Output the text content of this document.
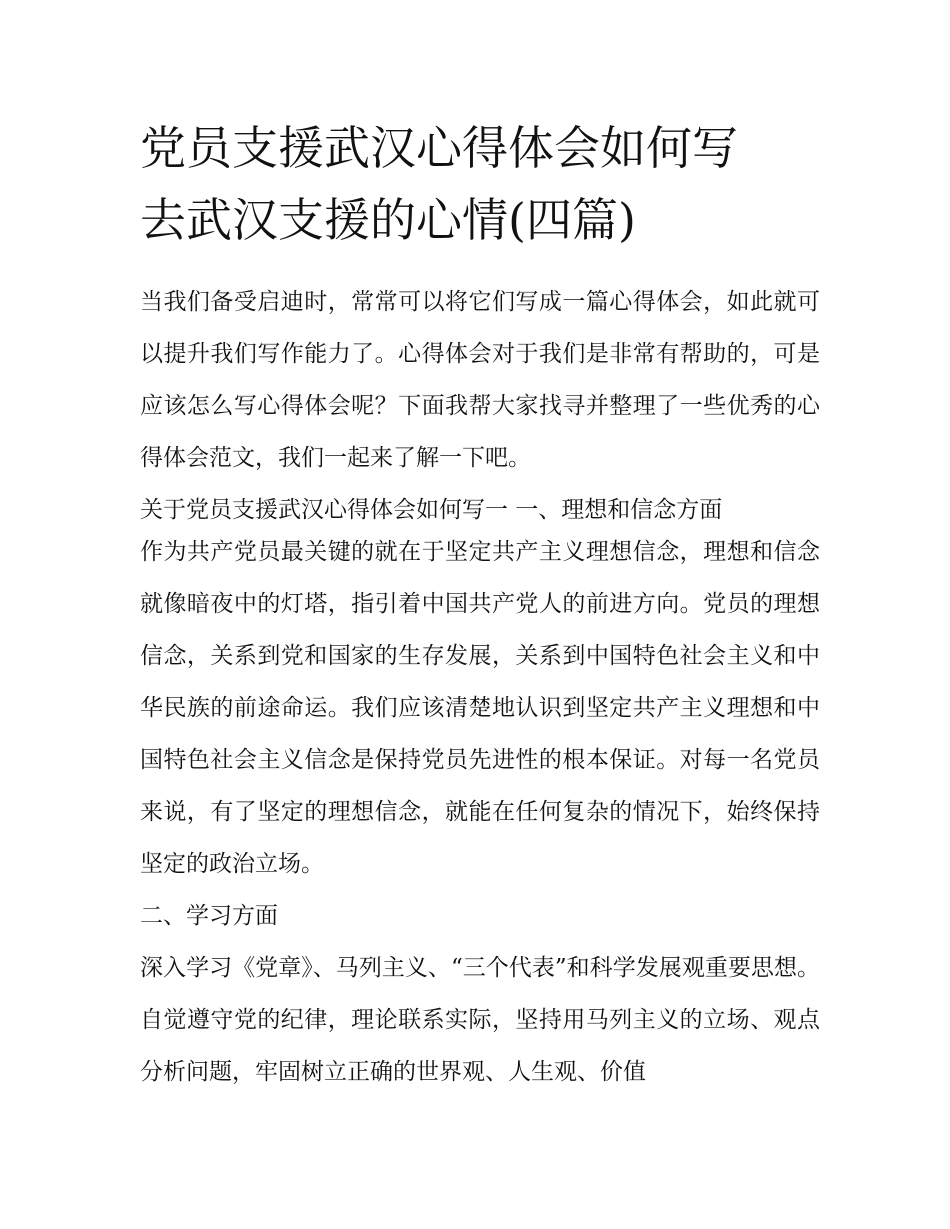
党员支援武汉心得体会如何写
去武汉支援的心情(四篇)

当我们备受启迪时，常常可以将它们写成一篇心得体会，如此就可以提升我们写作能力了。心得体会对于我们是非常有帮助的，可是应该怎么写心得体会呢？下面我帮大家找寻并整理了一些优秀的心得体会范文，我们一起来了解一下吧。

关于党员支援武汉心得体会如何写一 一、理想和信念方面

作为共产党员最关键的就在于坚定共产主义理想信念，理想和信念就像暗夜中的灯塔，指引着中国共产党人的前进方向。党员的理想信念，关系到党和国家的生存发展，关系到中国特色社会主义和中华民族的前途命运。我们应该清楚地认识到坚定共产主义理想和中国特色社会主义信念是保持党员先进性的根本保证。对每一名党员来说，有了坚定的理想信念，就能在任何复杂的情况下，始终保持坚定的政治立场。

二、学习方面

深入学习《党章》、马列主义、“三个代表”和科学发展观重要思想。自觉遵守党的纪律，理论联系实际，坚持用马列主义的立场、观点分析问题，牢固树立正确的世界观、人生观、价值
